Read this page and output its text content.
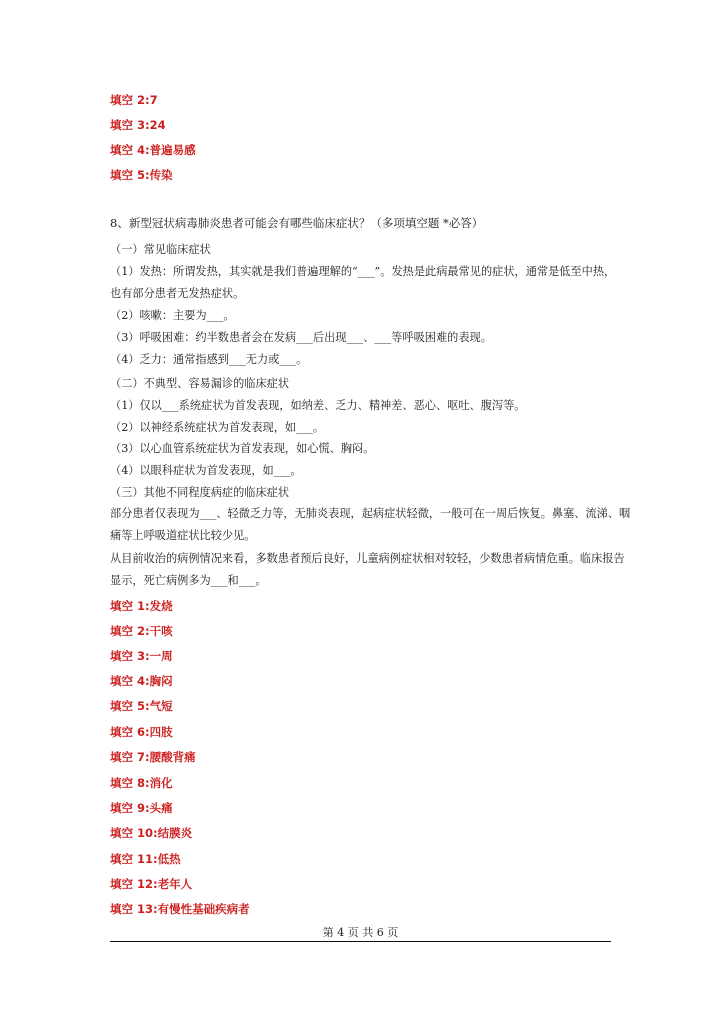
填空 2:7
填空 3:24
填空 4:普遍易感
填空 5:传染
8、新型冠状病毒肺炎患者可能会有哪些临床症状？（多项填空题 *必答）
（一）常见临床症状
（1）发热：所谓发热，其实就是我们普遍理解的“___”。发热是此病最常见的症状，通常是低至中热，
也有部分患者无发热症状。
（2）咳嗽：主要为___。
（3）呼吸困难：约半数患者会在发病___后出现___、___等呼吸困难的表现。
（4）乏力：通常指感到___无力或___。
（二）不典型、容易漏诊的临床症状
（1）仅以___系统症状为首发表现，如纳差、乏力、精神差、恶心、呕吐、腹泻等。
（2）以神经系统症状为首发表现，如___。
（3）以心血管系统症状为首发表现，如心慌、胸闷。
（4）以眼科症状为首发表现，如___。
（三）其他不同程度病症的临床症状
部分患者仅表现为___、轻微乏力等，无肺炎表现，起病症状轻微，一般可在一周后恢复。鼻塞、流涕、咽
痛等上呼吸道症状比较少见。
从目前收治的病例情况来看，多数患者预后良好，儿童病例症状相对较轻，少数患者病情危重。临床报告
显示，死亡病例多为___和___。
填空 1:发烧
填空 2:干咳
填空 3:一周
填空 4:胸闷
填空 5:气短
填空 6:四肢
填空 7:腰酸背痛
填空 8:消化
填空 9:头痛
填空 10:结膜炎
填空 11:低热
填空 12:老年人
填空 13:有慢性基础疾病者
第 4 页 共 6 页
